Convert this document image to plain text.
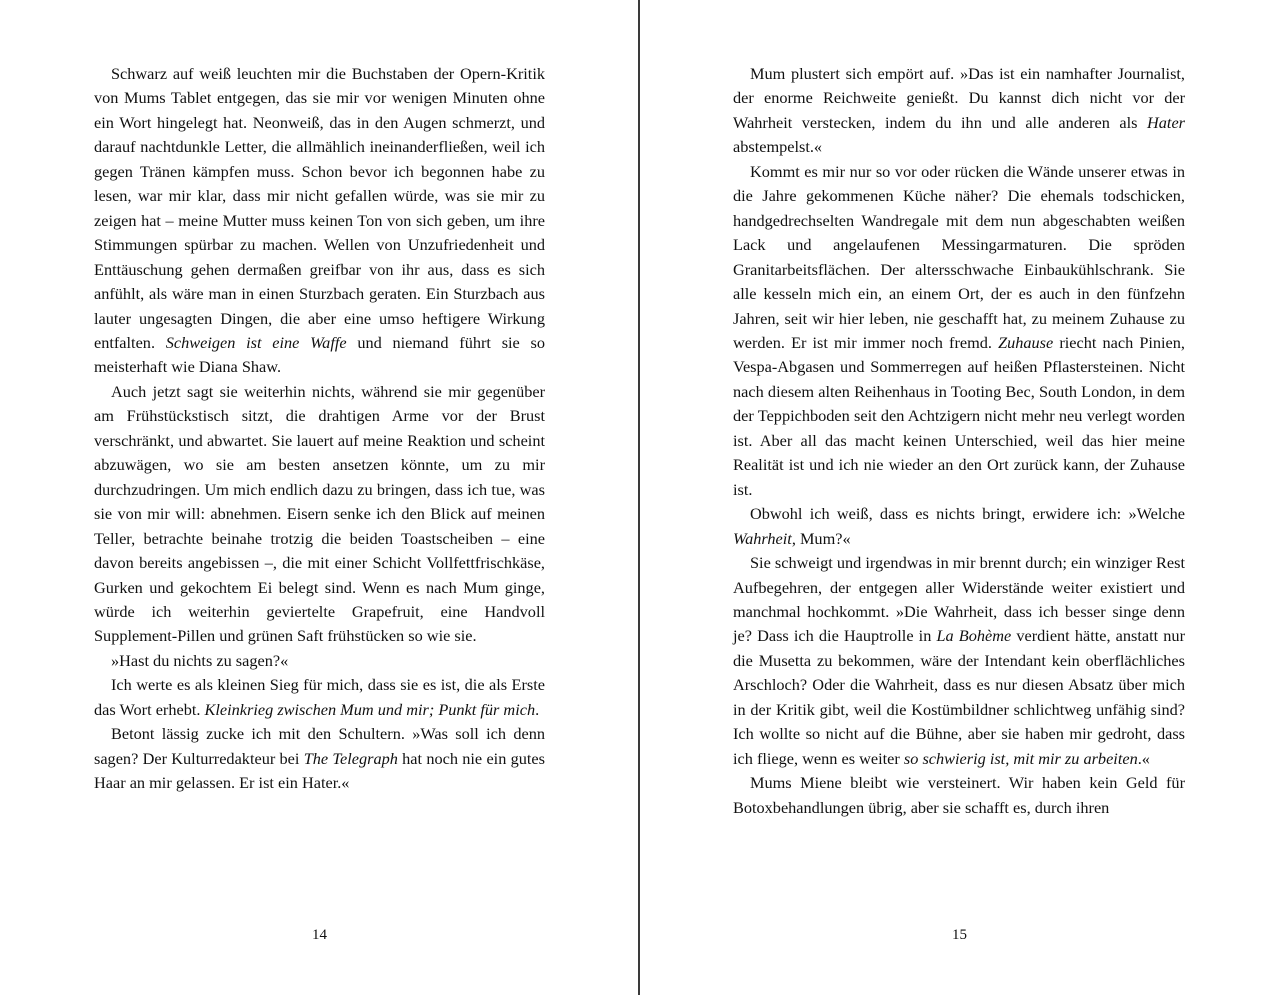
Schwarz auf weiß leuchten mir die Buchstaben der Opern-Kritik von Mums Tablet entgegen, das sie mir vor wenigen Minuten ohne ein Wort hingelegt hat. Neonweiß, das in den Augen schmerzt, und darauf nachtdunkle Letter, die allmählich ineinanderfließen, weil ich gegen Tränen kämpfen muss. Schon bevor ich begonnen habe zu lesen, war mir klar, dass mir nicht gefallen würde, was sie mir zu zeigen hat – meine Mutter muss keinen Ton von sich geben, um ihre Stimmungen spürbar zu machen. Wellen von Unzufriedenheit und Enttäuschung gehen dermaßen greifbar von ihr aus, dass es sich anfühlt, als wäre man in einen Sturzbach geraten. Ein Sturzbach aus lauter ungesagten Dingen, die aber eine umso heftigere Wirkung entfalten. Schweigen ist eine Waffe und niemand führt sie so meisterhaft wie Diana Shaw.

Auch jetzt sagt sie weiterhin nichts, während sie mir gegenüber am Frühstückstisch sitzt, die drahtigen Arme vor der Brust verschränkt, und abwartet. Sie lauert auf meine Reaktion und scheint abzuwägen, wo sie am besten ansetzen könnte, um zu mir durchzudringen. Um mich endlich dazu zu bringen, dass ich tue, was sie von mir will: abnehmen. Eisern senke ich den Blick auf meinen Teller, betrachte beinahe trotzig die beiden Toastscheiben – eine davon bereits angebissen –, die mit einer Schicht Vollfettfrischkäse, Gurken und gekochtem Ei belegt sind. Wenn es nach Mum ginge, würde ich weiterhin geviertelte Grapefruit, eine Handvoll Supplement-Pillen und grünen Saft frühstücken so wie sie.

»Hast du nichts zu sagen?«

Ich werte es als kleinen Sieg für mich, dass sie es ist, die als Erste das Wort erhebt. Kleinkrieg zwischen Mum und mir; Punkt für mich.

Betont lässig zucke ich mit den Schultern. »Was soll ich denn sagen? Der Kulturredakteur bei The Telegraph hat noch nie ein gutes Haar an mir gelassen. Er ist ein Hater.«

14

Mum plustert sich empört auf. »Das ist ein namhafter Journalist, der enorme Reichweite genießt. Du kannst dich nicht vor der Wahrheit verstecken, indem du ihn und alle anderen als Hater abstempelst.«

Kommt es mir nur so vor oder rücken die Wände unserer etwas in die Jahre gekommenen Küche näher? Die ehemals todschicken, handgedrechselten Wandregale mit dem nun abgeschabten weißen Lack und angelaufenen Messingarmaturen. Die spröden Granitarbeitsflächen. Der altersschwache Einbaukühlschrank. Sie alle kesseln mich ein, an einem Ort, der es auch in den fünfzehn Jahren, seit wir hier leben, nie geschafft hat, zu meinem Zuhause zu werden. Er ist mir immer noch fremd. Zuhause riecht nach Pinien, Vespa-Abgasen und Sommerregen auf heißen Pflastersteinen. Nicht nach diesem alten Reihenhaus in Tooting Bec, South London, in dem der Teppichboden seit den Achtzigern nicht mehr neu verlegt worden ist. Aber all das macht keinen Unterschied, weil das hier meine Realität ist und ich nie wieder an den Ort zurück kann, der Zuhause ist.

Obwohl ich weiß, dass es nichts bringt, erwidere ich: »Welche Wahrheit, Mum?«

Sie schweigt und irgendwas in mir brennt durch; ein winziger Rest Aufbegehren, der entgegen aller Widerstände weiter existiert und manchmal hochkommt. »Die Wahrheit, dass ich besser singe denn je? Dass ich die Hauptrolle in La Bohème verdient hätte, anstatt nur die Musetta zu bekommen, wäre der Intendant kein oberflächliches Arschloch? Oder die Wahrheit, dass es nur diesen Absatz über mich in der Kritik gibt, weil die Kostümbildner schlichtweg unfähig sind? Ich wollte so nicht auf die Bühne, aber sie haben mir gedroht, dass ich fliege, wenn es weiter so schwierig ist, mit mir zu arbeiten.«

Mums Miene bleibt wie versteinert. Wir haben kein Geld für Botoxbehandlungen übrig, aber sie schafft es, durch ihren

15
